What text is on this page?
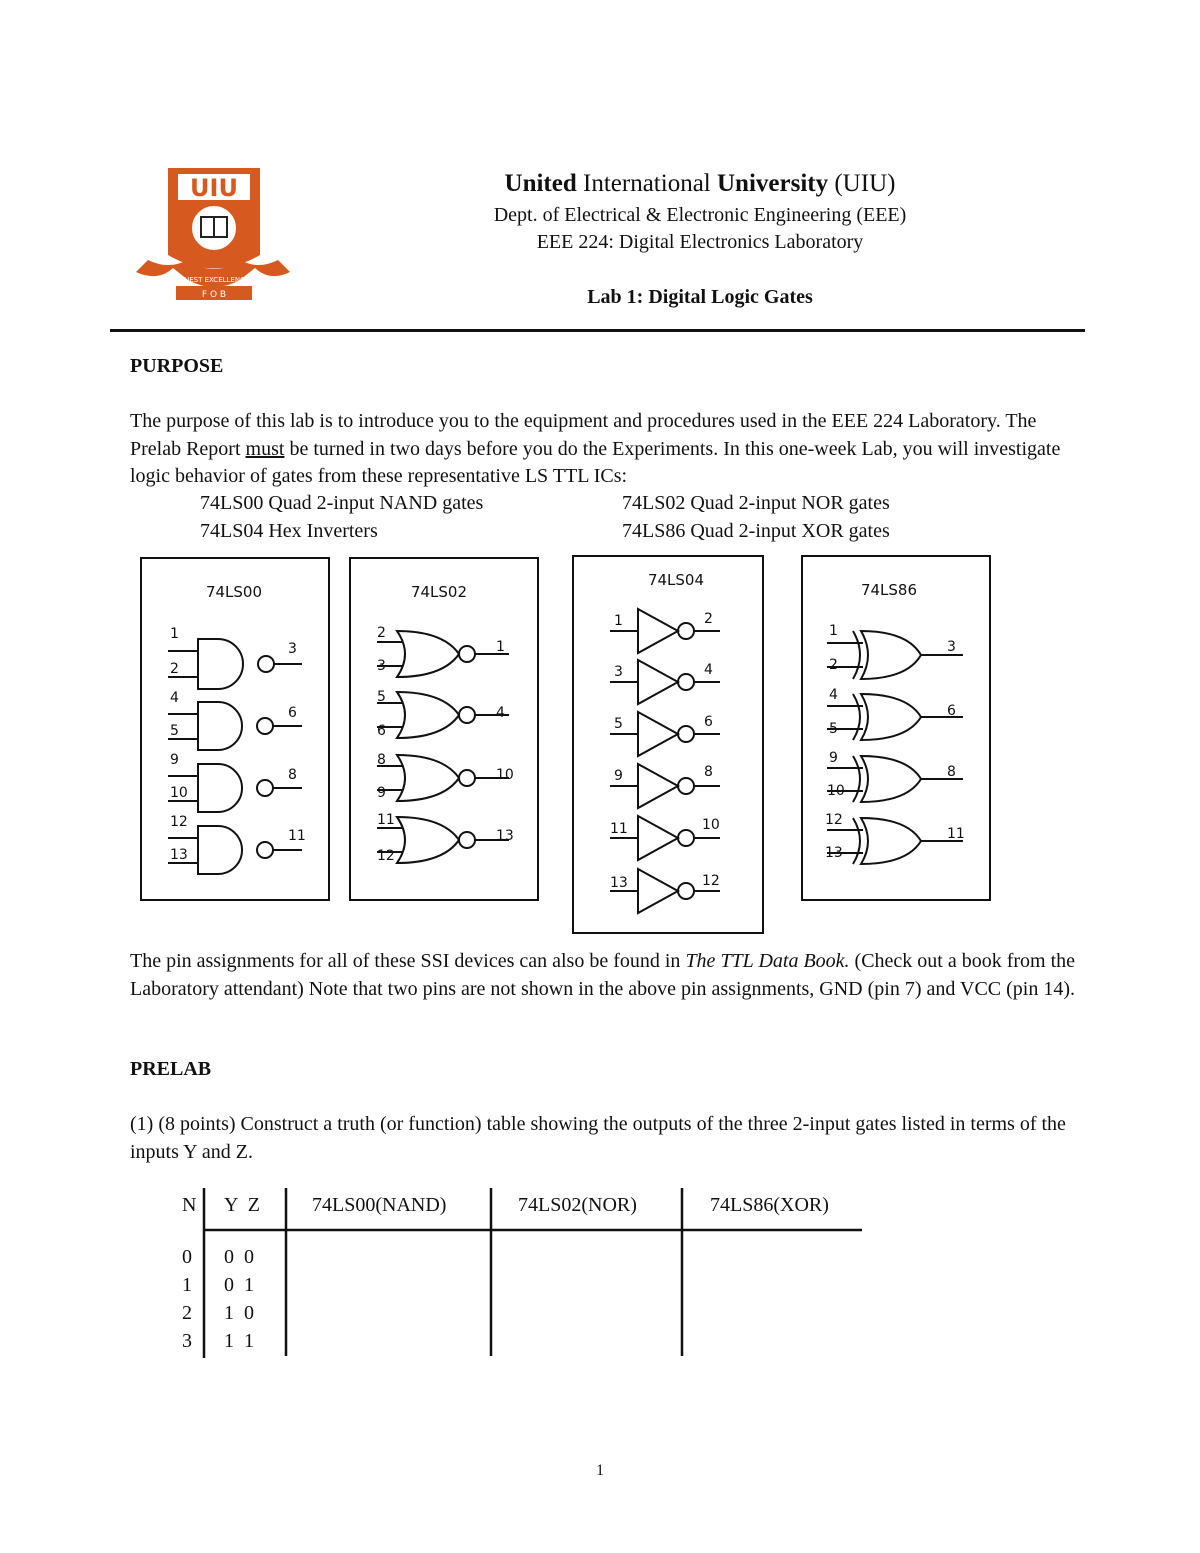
UIU
QUEST EXCELLENCE
F O B
United International University (UIU)
Dept. of Electrical & Electronic Engineering (EEE)
EEE 224: Digital Electronics Laboratory
Lab 1: Digital Logic Gates
PURPOSE

The purpose of this lab is to introduce you to the equipment and procedures used in the EEE 224 Laboratory. The Prelab Report must be turned in two days before you do the Experiments. In this one-week Lab, you will investigate logic behavior of gates from these representative LS TTL ICs:

74LS00 Quad 2-input NAND gates
74LS04 Hex Inverters
74LS02 Quad 2-input NOR gates
74LS86 Quad 2-input XOR gates
74LS00
1
2
3
4
5
6
9
10
8
12
13
11
74LS02
2
3
1
5
6
4
8
9
10
11
12
13
74LS04
1	2
3	4
5	6
9	8
11	10
13	12
74LS86
1
2
3
4
5
6
9
10
8
12
13
11

The pin assignments for all of these SSI devices can also be found in The TTL Data Book. (Check out a book from the Laboratory attendant) Note that two pins are not shown in the above pin assignments, GND (pin 7) and VCC (pin 14).

PRELAB
(1) (8 points) Construct a truth (or function) table showing the outputs of the three 2-input gates listed in terms of the inputs Y and Z.
N Y  Z	74LS00(NAND)	74LS02(NOR)	74LS86(XOR)
0 0  0
1 0  1
2 1  0
3 1  1
1
